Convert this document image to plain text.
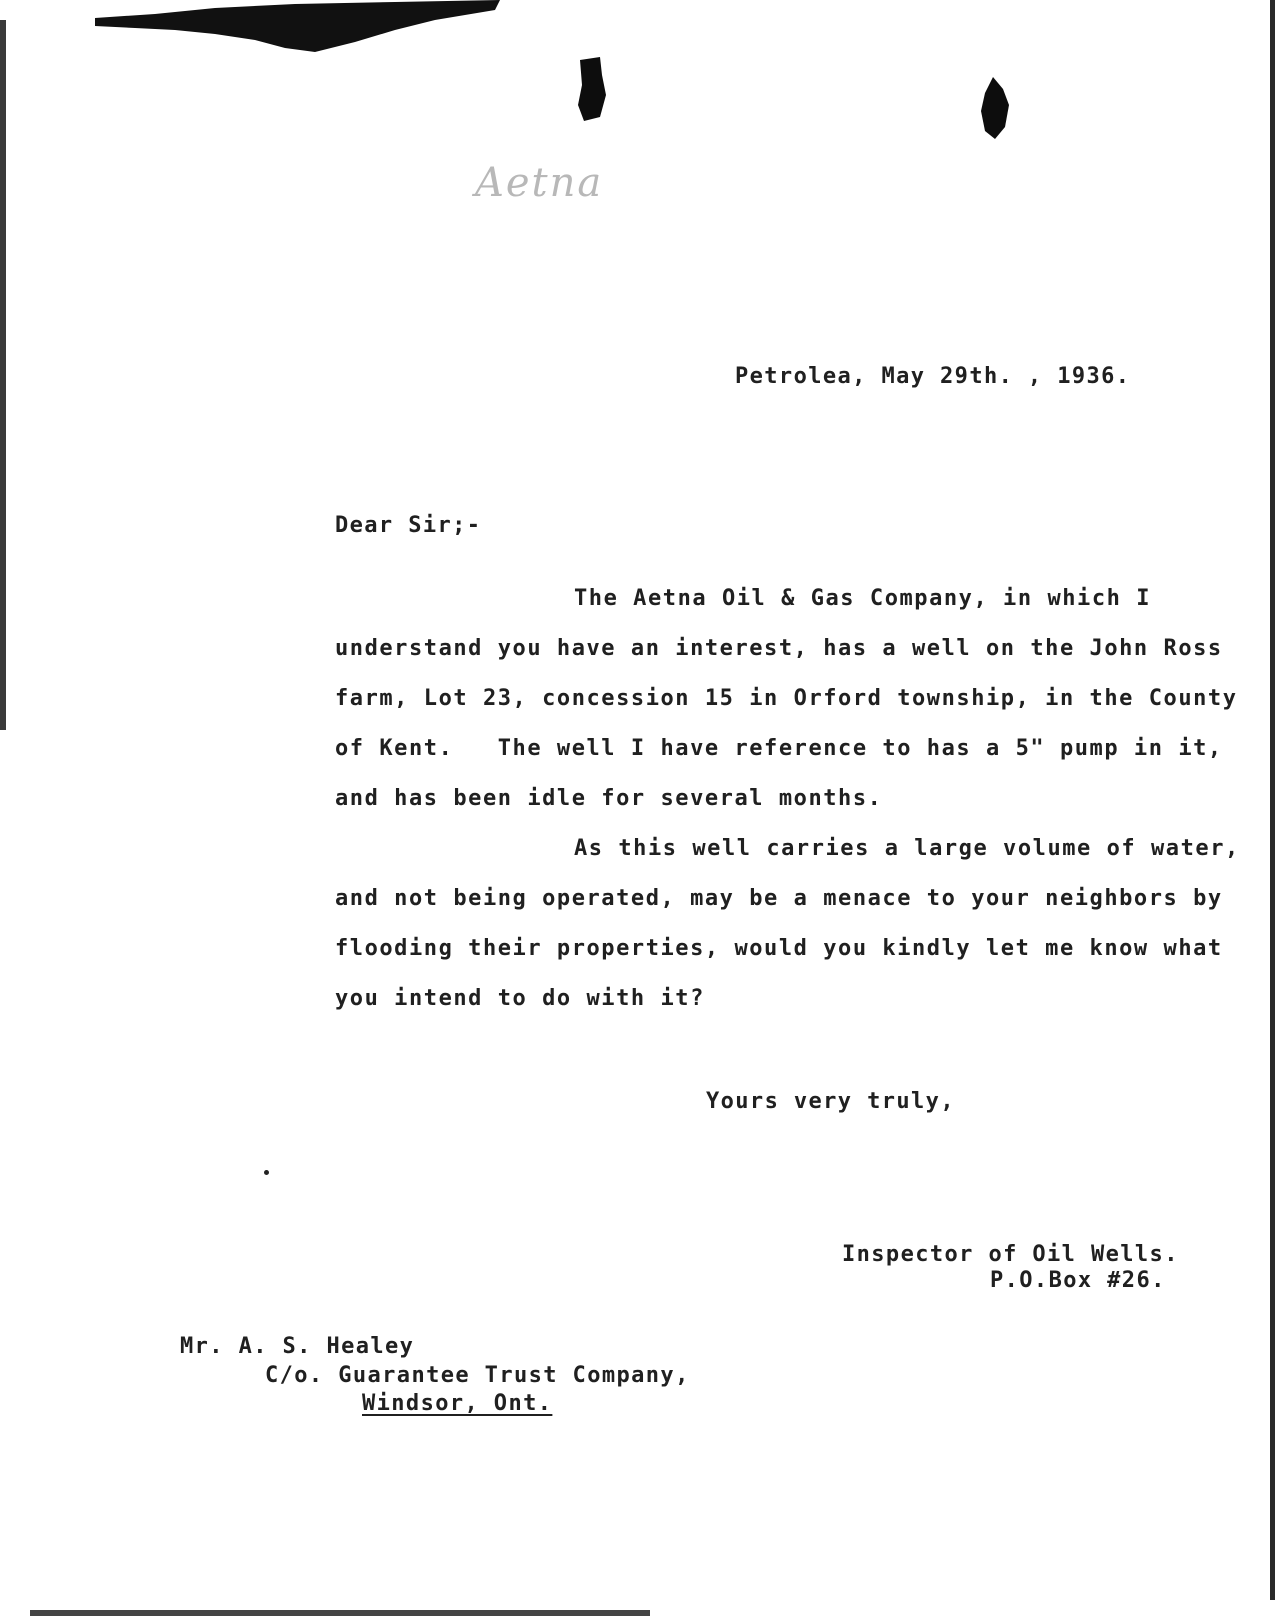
Aetna
Petrolea, May 29th. , 1936.
Dear Sir;-
The Aetna Oil & Gas Company, in which I
understand you have an interest, has a well on the John Ross
farm, Lot 23, concession 15 in Orford township, in the County
of Kent.   The well I have reference to has a 5" pump in it,
and has been idle for several months.
As this well carries a large volume of water,
and not being operated, may be a menace to your neighbors by
flooding their properties, would you kindly let me know what
you intend to do with it?
Yours very truly,
Inspector of Oil Wells.
P.O.Box #26.
Mr. A. S. Healey
C/o. Guarantee Trust Company,
Windsor, Ont.
